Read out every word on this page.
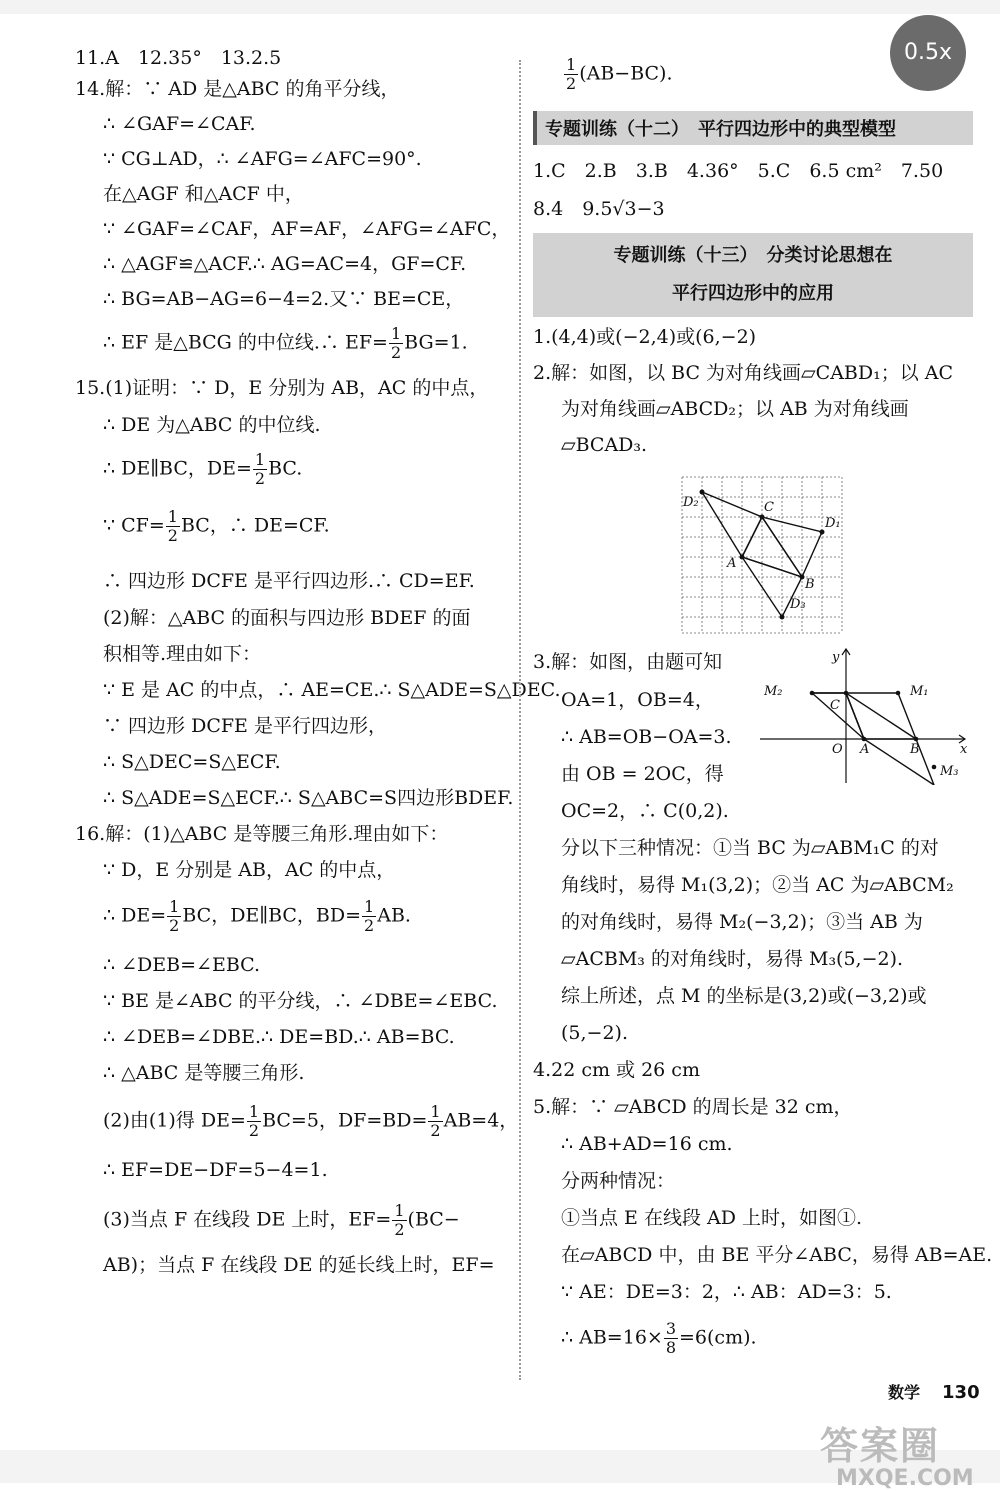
0.5x

11.A　12.35°　13.2.5

14.解：∵ AD 是△ABC 的角平分线，

∴ ∠GAF=∠CAF.

∵ CG⊥AD，∴ ∠AFG=∠AFC=90°.

在△AGF 和△ACF 中，

∵ ∠GAF=∠CAF，AF=AF，∠AFG=∠AFC，

∴ △AGF≌△ACF.∴ AG=AC=4，GF=CF.

∴ BG=AB−AG=6−4=2.又∵ BE=CE，

∴ EF 是△BCG 的中位线.∴ $EF= \frac{1}{2} BG=1$.

15.(1)证明：∵ D，E 分别为 AB，AC 的中点，

∴ DE 为△ABC 的中位线.

∴ DE∥BC，$DE= \frac{1}{2}$ BC.

∵ $CF= \frac{1}{2}$ BC，∴ DE=CF.

∴ 四边形 DCFE 是平行四边形.∴ CD=EF.

(2)解：△ABC 的面积与四边形 BDEF 的面

积相等.理由如下：

∵ E 是 AC 的中点，∴ AE=CE.∴ S△ADE=S△DEC.

∵ 四边形 DCFE 是平行四边形，

∴ S△DEC=S△ECF.

∴ S△ADE=S△ECF.∴ S△ABC=S四边形BDEF.

16.解：(1)△ABC 是等腰三角形.理由如下：

∵ D，E 分别是 AB，AC 的中点，

∴ $DE= \frac{1}{2}$ BC，DE∥BC，$BD= \frac{1}{2}$ AB.

∴ ∠DEB=∠EBC.

∵ BE 是∠ABC 的平分线，∴ ∠DBE=∠EBC.

∴ ∠DEB=∠DBE.∴ DE=BD.∴ AB=BC.

∴ △ABC 是等腰三角形.

(2)由(1)得 $DE= \frac{1}{2} BC=5$，$DF=BD= \frac{1}{2} AB=4$，

∴ EF=DE−DF=5−4=1.

(3)当点 F 在线段 DE 上时，$EF= \frac{1}{2} (BC-$

AB)；当点 F 在线段 DE 的延长线上时，EF=

$\frac{1}{2} (AB-BC)$.

专题训练（十二）　平行四边形中的典型模型

1.C　2.B　3.B　4.36°　5.C　6.5 cm²　7.50

8.4　9.5√3−3

专题训练（十三）　分类讨论思想在
平行四边形中的应用

1.(4,4)或(−2,4)或(6,−2)

2.解：如图，以 BC 为对角线画▱CABD₁；以 AC

为对角线画▱ABCD₂；以 AB 为对角线画

▱BCAD₃.

D₂	C
D₁
A
B
D₃

3.解：如图，由题可知

OA=1，OB=4，

∴ AB=OB−OA=3.

由 OB = 2OC，得

OC=2，∴ C(0,2).

分以下三种情况：①当 BC 为▱ABM₁C 的对

角线时，易得 M₁(3,2)；②当 AC 为▱ABCM₂

的对角线时，易得 M₂(−3,2)；③当 AB 为

▱ACBM₃ 的对角线时，易得 M₃(5,−2).

综上所述，点 M 的坐标是(3,2)或(−3,2)或

(5,−2).

4.22 cm 或 26 cm

5.解：∵ ▱ABCD 的周长是 32 cm，

∴ AB+AD=16 cm.

分两种情况：

①当点 E 在线段 AD 上时，如图①.

在▱ABCD 中，由 BE 平分∠ABC，易得 AB=AE.

∵ AE：DE=3：2，∴ AB：AD=3：5.

∴ $AB=16\times \frac{3}{8} =6(cm)$.

y
x
O A	B
C
M₁
M₂
M₃
数学 130
答案圈
MXQE.COM
